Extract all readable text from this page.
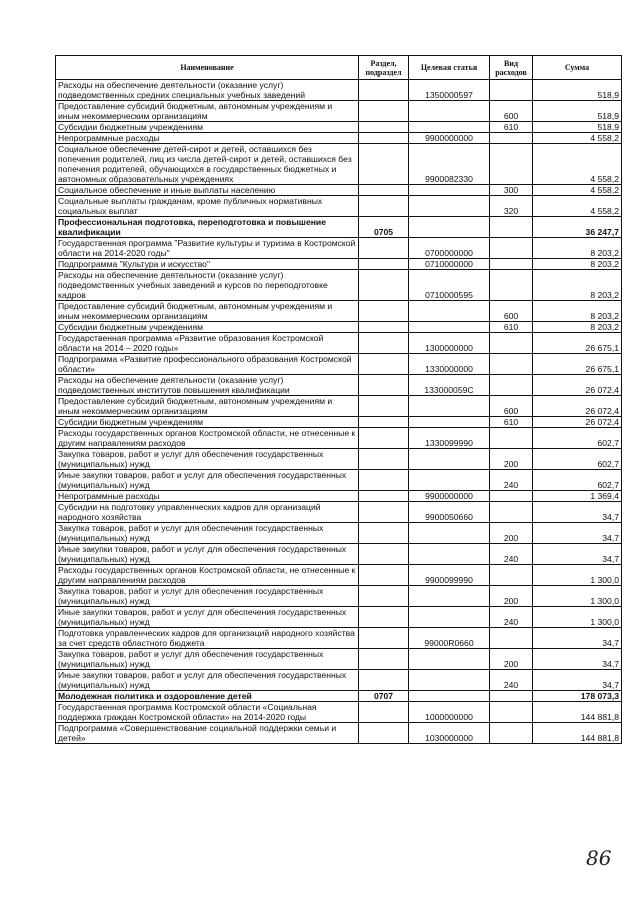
Наименование	Раздел, подраздел	Целевая статья	Вид расходов	Сумма
Расходы на обеспечение деятельности (оказание услуг) подведомственных средних специальных учебных заведений		1350000597		518,9
Предоставление субсидий бюджетным, автономным учреждениям и иным некоммерческим организациям			600	518,9
Субсидии бюджетным учреждениям			610	518,9
Непрограммные расходы		9900000000		4 558,2
Социальное обеспечение детей-сирот и детей, оставшихся без попечения родителей, лиц из числа детей-сирот и детей, оставшихся без попечения родителей, обучающихся в государственных бюджетных и автономных образовательных учреждениях		9900082330		4 558,2
Социальное обеспечение и иные выплаты населению			300	4 558,2
Социальные выплаты гражданам, кроме публичных нормативных социальных выплат			320	4 558,2
Профессиональная подготовка, переподготовка и повышение квалификации	0705			36 247,7
Государственная программа "Развитие культуры и туризма в Костромской области на 2014-2020 годы"		0700000000		8 203,2
Подпрограмма "Культура и искусство"		0710000000		8 203,2
Расходы на обеспечение деятельности (оказание услуг) подведомственных учебных заведений и курсов по переподготовке кадров		0710000595		8 203,2
Предоставление субсидий бюджетным, автономным учреждениям и иным некоммерческим организациям			600	8 203,2
Субсидии бюджетным учреждениям			610	8 203,2
Государственная программа «Развитие образования Костромской области на 2014 – 2020 годы»		1300000000		26 675,1
Подпрограмма «Развитие профессионального образования Костромской области»		1330000000		26 675,1
Расходы на обеспечение деятельности (оказание услуг) подведомственных институтов повышения квалификации		133000059С		26 072,4
Предоставление субсидий бюджетным, автономным учреждениям и иным некоммерческим организациям			600	26 072,4
Субсидии бюджетным учреждениям			610	26 072,4
Расходы государственных органов Костромской области, не отнесенные к другим направлениям расходов		1330099990		602,7
Закупка товаров, работ и услуг для обеспечения государственных (муниципальных) нужд			200	602,7
Иные закупки товаров, работ и услуг для обеспечения государственных (муниципальных) нужд			240	602,7
Непрограммные расходы		9900000000		1 369,4
Субсидии на подготовку управленческих кадров для организаций народного хозяйства		9900050660		34,7
Закупка товаров, работ и услуг для обеспечения государственных (муниципальных) нужд			200	34,7
Иные закупки товаров, работ и услуг для обеспечения государственных (муниципальных) нужд			240	34,7
Расходы государственных органов Костромской области, не отнесенные к другим направлениям расходов		9900099990		1 300,0
Закупка товаров, работ и услуг для обеспечения государственных (муниципальных) нужд			200	1 300,0
Иные закупки товаров, работ и услуг для обеспечения государственных (муниципальных) нужд			240	1 300,0
Подготовка управленческих кадров для организаций народного хозяйства за счет средств областного бюджета		99000R0660		34,7
Закупка товаров, работ и услуг для обеспечения государственных (муниципальных) нужд			200	34,7
Иные закупки товаров, работ и услуг для обеспечения государственных (муниципальных) нужд			240	34,7
Молодежная политика и оздоровление детей	0707			178 073,3
Государственная программа Костромской области «Социальная поддержка граждан Костромской области» на 2014-2020 годы		1000000000		144 881,8
Подпрограмма «Совершенствование социальной поддержки семьи и детей»		1030000000		144 881,8
86
